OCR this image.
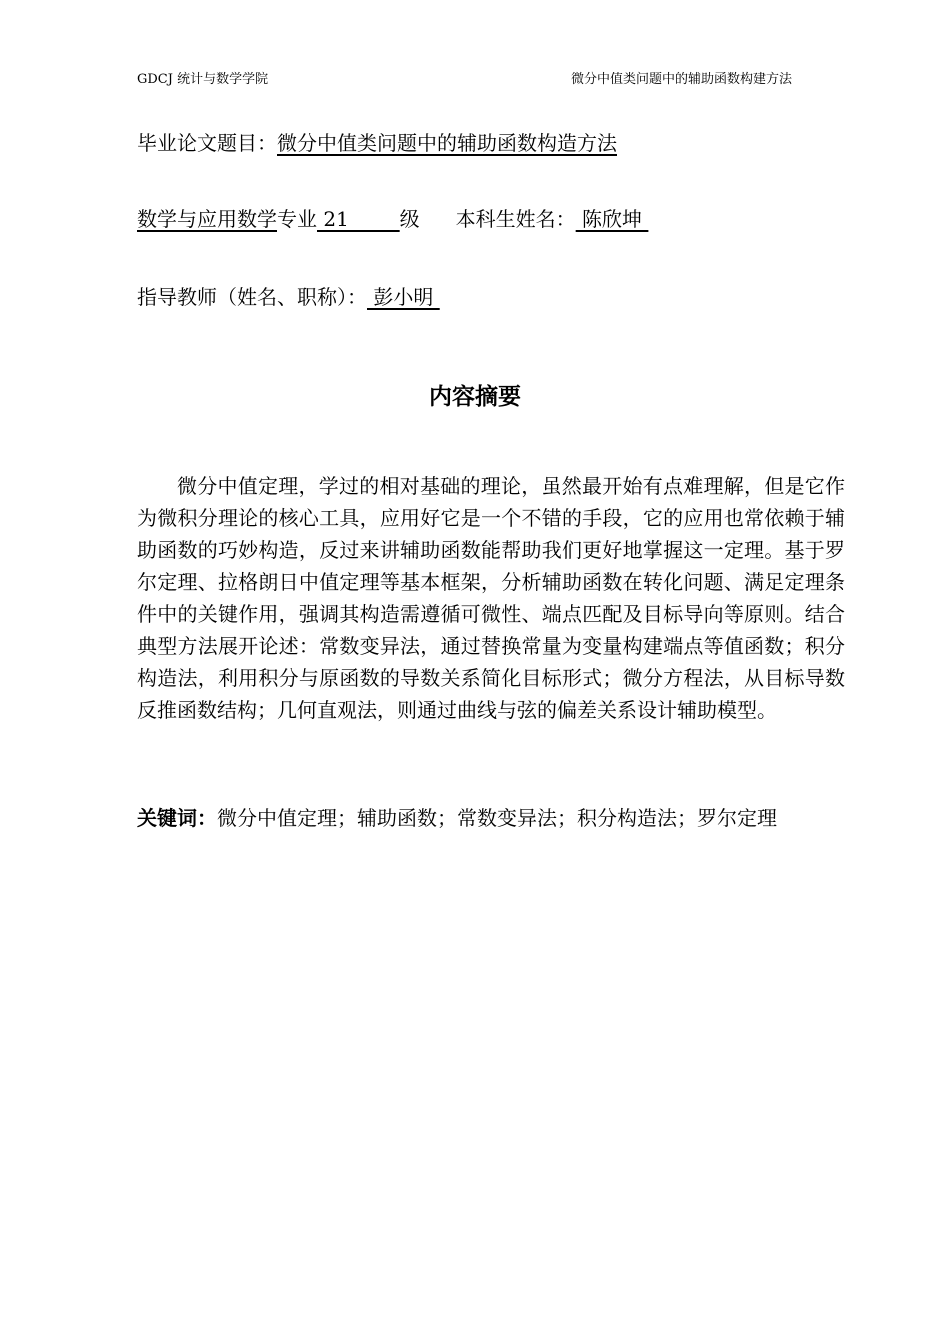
GDCJ 统计与数学学院	微分中值类问题中的辅助函数构建方法
毕业论文题目：微分中值类问题中的辅助函数构造方法
数学与应用数学专业 21        级 本科生姓名： 陈欣坤
指导教师（姓名、职称）： 彭小明
内容摘要

微分中值定理，学过的相对基础的理论，虽然最开始有点难理解，但是它作为微积分理论的核心工具，应用好它是一个不错的手段，它的应用也常依赖于辅助函数的巧妙构造，反过来讲辅助函数能帮助我们更好地掌握这一定理。基于罗尔定理、拉格朗日中值定理等基本框架，分析辅助函数在转化问题、满足定理条件中的关键作用，强调其构造需遵循可微性、端点匹配及目标导向等原则。结合典型方法展开论述：常数变异法，通过替换常量为变量构建端点等值函数；积分构造法，利用积分与原函数的导数关系简化目标形式；微分方程法，从目标导数反推函数结构；几何直观法，则通过曲线与弦的偏差关系设计辅助模型。

关键词：微分中值定理；辅助函数；常数变异法；积分构造法；罗尔定理
